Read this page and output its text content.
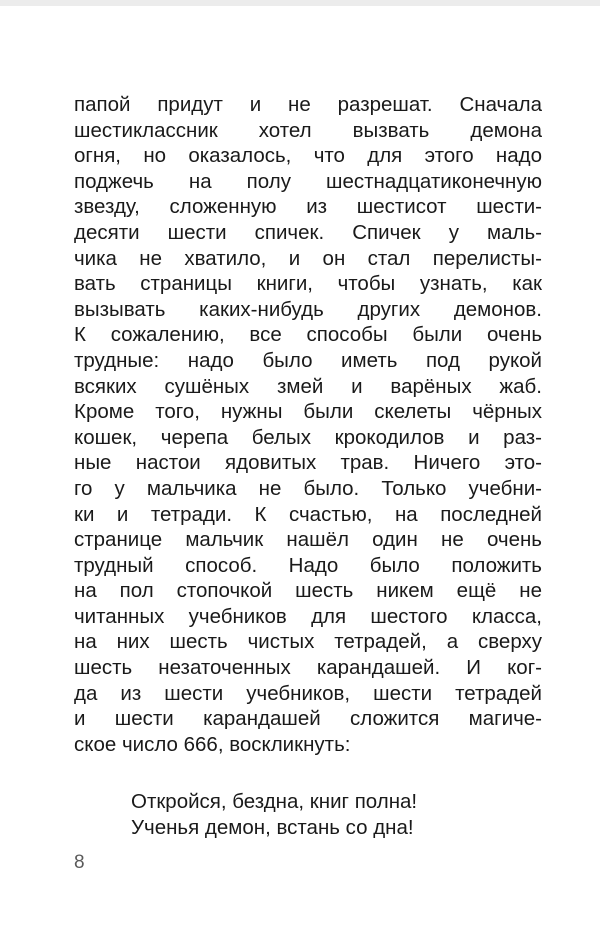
папой придут и не разрешат. Сначала
шестиклассник хотел вызвать демона
огня, но оказалось, что для этого надо
поджечь на полу шестнадцатиконечную
звезду, сложенную из шестисот шести-
десяти шести спичек. Спичек у маль-
чика не хватило, и он стал перелисты-
вать страницы книги, чтобы узнать, как
вызывать каких-нибудь других демонов.
К сожалению, все способы были очень
трудные: надо было иметь под рукой
всяких сушёных змей и варёных жаб.
Кроме того, нужны были скелеты чёрных
кошек, черепа белых крокодилов и раз-
ные настои ядовитых трав. Ничего это-
го у мальчика не было. Только учебни-
ки и тетради. К счастью, на последней
странице мальчик нашёл один не очень
трудный способ. Надо было положить
на пол стопочкой шесть никем ещё не
читанных учебников для шестого класса,
на них шесть чистых тетрадей, а сверху
шесть незаточенных карандашей. И ког-
да из шести учебников, шести тетрадей
и шести карандашей сложится магиче-
ское число 666, воскликнуть:
Откройся, бездна, книг полна!
Ученья демон, встань со дна!
8
